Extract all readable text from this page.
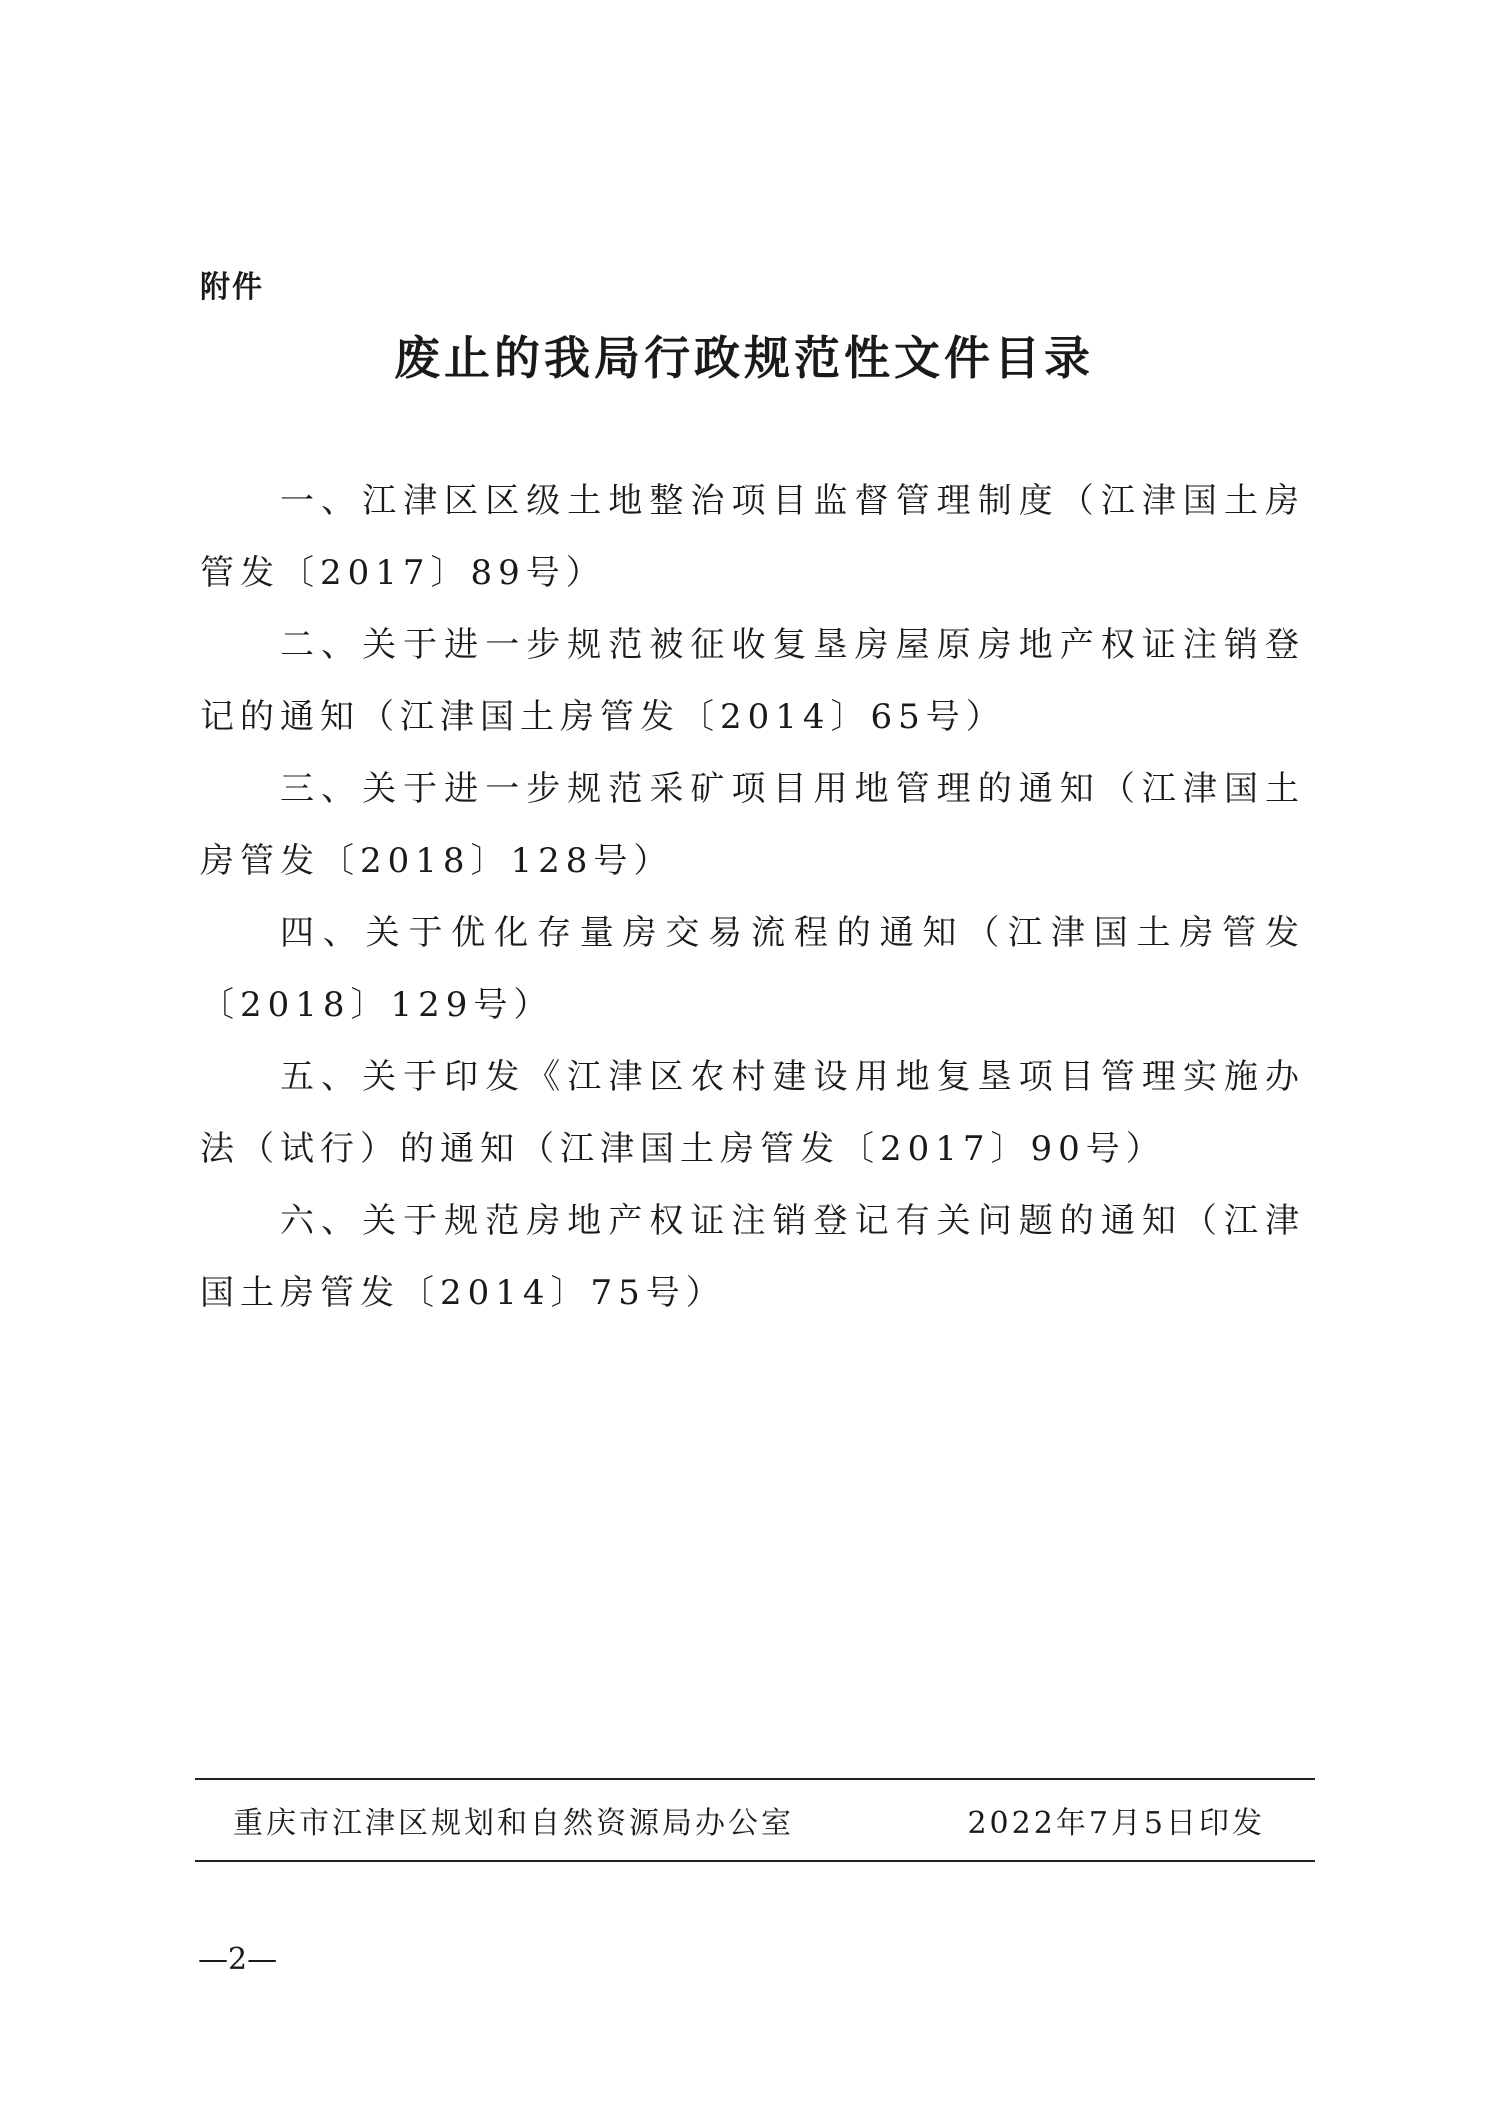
附件
废止的我局行政规范性文件目录
一、江津区区级土地整治项目监督管理制度（江津国土房管发〔2017〕89号）
二、关于进一步规范被征收复垦房屋原房地产权证注销登记的通知（江津国土房管发〔2014〕65号）
三、关于进一步规范采矿项目用地管理的通知（江津国土房管发〔2018〕128号）
四、关于优化存量房交易流程的通知（江津国土房管发〔2018〕129号）
五、关于印发《江津区农村建设用地复垦项目管理实施办法（试行）的通知（江津国土房管发〔2017〕90号）
六、关于规范房地产权证注销登记有关问题的通知（江津国土房管发〔2014〕75号）
重庆市江津区规划和自然资源局办公室	2022年7月5日印发
—2—
